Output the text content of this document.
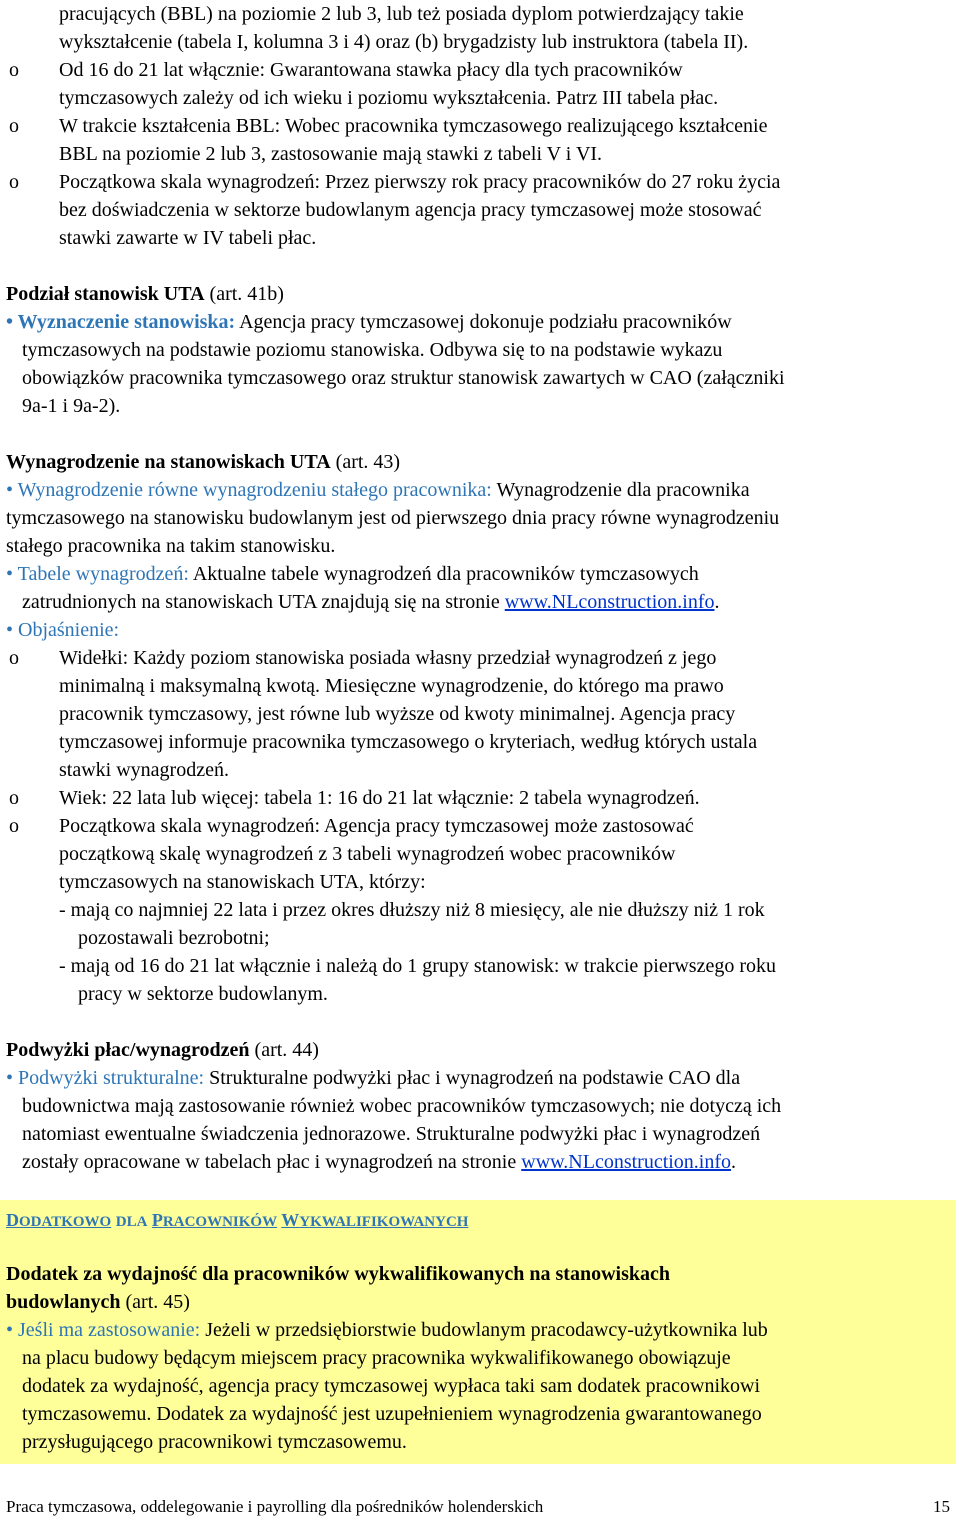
pracujących (BBL) na poziomie 2 lub 3, lub też posiada dyplom potwierdzający takie

wykształcenie (tabela I, kolumna 3 i 4) oraz (b) brygadzisty lub instruktora (tabela II).

o Od 16 do 21 lat włącznie: Gwarantowana stawka płacy dla tych pracowników

tymczasowych zależy od ich wieku i poziomu wykształcenia. Patrz III tabela płac.

o W trakcie kształcenia BBL: Wobec pracownika tymczasowego realizującego kształcenie

BBL na poziomie 2 lub 3, zastosowanie mają stawki z tabeli V i VI.

o Początkowa skala wynagrodzeń: Przez pierwszy rok pracy pracowników do 27 roku życia

bez doświadczenia w sektorze budowlanym agencja pracy tymczasowej może stosować

stawki zawarte w IV tabeli płac.

Podział stanowisk UTA (art. 41b)

• Wyznaczenie stanowiska: Agencja pracy tymczasowej dokonuje podziału pracowników

tymczasowych na podstawie poziomu stanowiska. Odbywa się to na podstawie wykazu

obowiązków pracownika tymczasowego oraz struktur stanowisk zawartych w CAO (załączniki

9a-1 i 9a-2).

Wynagrodzenie na stanowiskach UTA (art. 43)

• Wynagrodzenie równe wynagrodzeniu stałego pracownika: Wynagrodzenie dla pracownika

tymczasowego na stanowisku budowlanym jest od pierwszego dnia pracy równe wynagrodzeniu

stałego pracownika na takim stanowisku.

• Tabele wynagrodzeń: Aktualne tabele wynagrodzeń dla pracowników tymczasowych

zatrudnionych na stanowiskach UTA znajdują się na stronie www.NLconstruction.info.

• Objaśnienie:

o Widełki: Każdy poziom stanowiska posiada własny przedział wynagrodzeń z jego

minimalną i maksymalną kwotą. Miesięczne wynagrodzenie, do którego ma prawo

pracownik tymczasowy, jest równe lub wyższe od kwoty minimalnej. Agencja pracy

tymczasowej informuje pracownika tymczasowego o kryteriach, według których ustala

stawki wynagrodzeń.

o Wiek: 22 lata lub więcej: tabela 1: 16 do 21 lat włącznie: 2 tabela wynagrodzeń.

o Początkowa skala wynagrodzeń: Agencja pracy tymczasowej może zastosować

początkową skalę wynagrodzeń z 3 tabeli wynagrodzeń wobec pracowników

tymczasowych na stanowiskach UTA, którzy:

- mają co najmniej 22 lata i przez okres dłuższy niż 8 miesięcy, ale nie dłuższy niż 1 rok

pozostawali bezrobotni;

- mają od 16 do 21 lat włącznie i należą do 1 grupy stanowisk: w trakcie pierwszego roku

pracy w sektorze budowlanym.

Podwyżki płac/wynagrodzeń (art. 44)

• Podwyżki strukturalne: Strukturalne podwyżki płac i wynagrodzeń na podstawie CAO dla

budownictwa mają zastosowanie również wobec pracowników tymczasowych; nie dotyczą ich

natomiast ewentualne świadczenia jednorazowe. Strukturalne podwyżki płac i wynagrodzeń

zostały opracowane w tabelach płac i wynagrodzeń na stronie www.NLconstruction.info.

DODATKOWO DLA PRACOWNIKÓW WYKWALIFIKOWANYCH

Dodatek za wydajność dla pracowników wykwalifikowanych na stanowiskach

budowlanych (art. 45)

• Jeśli ma zastosowanie: Jeżeli w przedsiębiorstwie budowlanym pracodawcy-użytkownika lub

na placu budowy będącym miejscem pracy pracownika wykwalifikowanego obowiązuje

dodatek za wydajność, agencja pracy tymczasowej wypłaca taki sam dodatek pracownikowi

tymczasowemu. Dodatek za wydajność jest uzupełnieniem wynagrodzenia gwarantowanego

przysługującego pracownikowi tymczasowemu.

Praca tymczasowa, oddelegowanie i payrolling dla pośredników holenderskich	15
